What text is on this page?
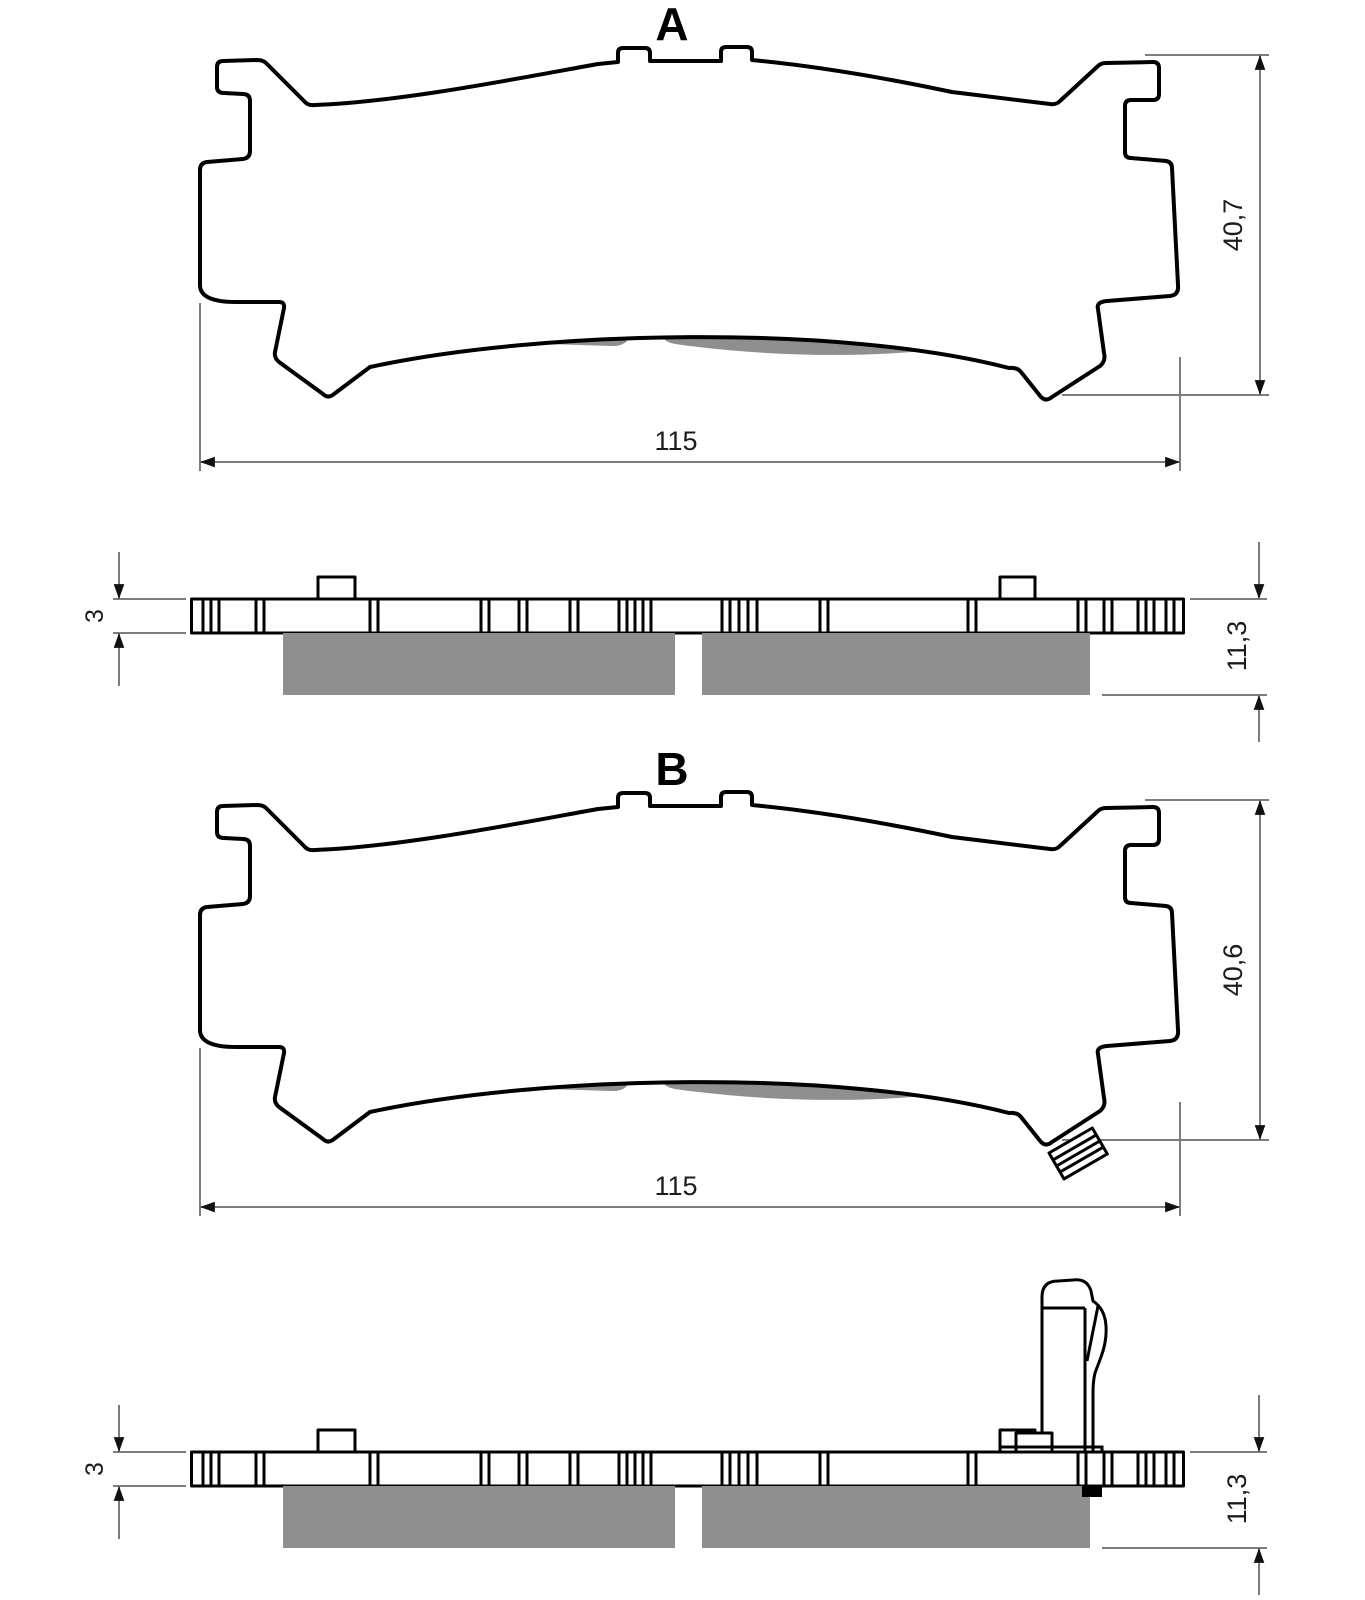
A
115
40,7
3
11,3
B
115
40,6
3
11,3
